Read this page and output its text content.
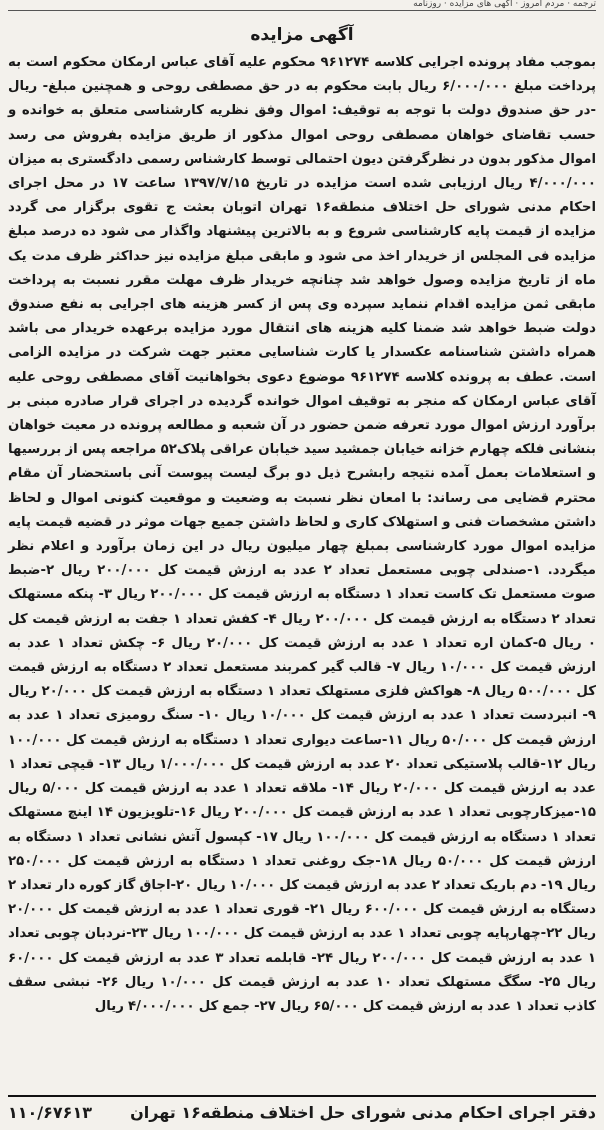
ترجمه · مردم امروز · آگهی های مزایده · روزنامه
آگهی مزایده
بموجب مفاد پرونده اجرایی کلاسه ۹۶۱۲۷۴ محکوم علیه آقای عباس ارمکان محکوم است به پرداخت مبلغ ۶/۰۰۰/۰۰۰ ریال بابت محکوم به در حق مصطفی روحی و همچنین مبلغ- ریال -در حق صندوق دولت با توجه به توقیف: اموال وفق نظریه کارشناسی متعلق به خوانده و حسب تقاضای خواهان مصطفی روحی اموال مذکور از طریق مزایده بفروش می رسد اموال مذکور بدون در نظرگرفتن دیون احتمالی توسط کارشناس رسمی دادگستری به میزان ۴/۰۰۰/۰۰۰ ریال ارزیابی شده است مزایده در تاریخ ۱۳۹۷/۷/۱۵ ساعت ۱۷ در محل اجرای احکام مدنی شورای حل اختلاف منطقه۱۶ تهران اتوبان بعثت ج تقوی برگزار می گردد مزایده از قیمت پایه کارشناسی شروع و به بالاترین پیشنهاد واگذار می شود ده درصد مبلغ مزایده فی المجلس از خریدار اخذ می شود و مابقی مبلغ مزایده نیز حداکثر ظرف مدت یک ماه از تاریخ مزایده وصول خواهد شد چنانچه خریدار ظرف مهلت مقرر نسبت به پرداخت مابقی ثمن مزایده اقدام ننماید سپرده وی پس از کسر هزینه های اجرایی به نفع صندوق دولت ضبط خواهد شد ضمنا کلیه هزینه های انتقال مورد مزایده برعهده خریدار می باشد همراه داشتن شناسنامه عکسدار یا کارت شناسایی معتبر جهت شرکت در مزایده الزامی است. عطف به پرونده کلاسه ۹۶۱۲۷۴ موضوع دعوی بخواهانیت آقای مصطفی روحی علیه آقای عباس ارمکان که منجر به توقیف اموال خوانده گردیده در اجرای قرار صادره مبنی بر برآورد ارزش اموال مورد تعرفه ضمن حضور در آن شعبه و مطالعه پرونده در معیت خواهان بنشانی فلکه چهارم خزانه خیابان جمشید سید خیابان عراقی پلاک۵۲ مراجعه پس از بررسیها و استعلامات بعمل آمده نتیجه رابشرح ذیل دو برگ لیست پیوست آنی باستحضار آن مقام محترم قضایی می رساند: با امعان نظر نسبت به وضعیت و موقعیت کنونی اموال و لحاظ داشتن مشخصات فنی و استهلاک کاری و لحاظ داشتن جمیع جهات موثر در قضیه قیمت پایه مزایده اموال مورد کارشناسی بمبلغ چهار میلیون ریال در این زمان برآورد و اعلام نظر میگردد. ۱-صندلی چوبی مستعمل تعداد ۲ عدد به ارزش قیمت کل ۲۰۰/۰۰۰ ریال ۲-ضبط صوت مستعمل تک کاست تعداد ۱ دستگاه به ارزش قیمت کل ۲۰۰/۰۰۰ ریال ۳- پنکه مستهلک تعداد ۲ دستگاه به ارزش قیمت کل ۲۰۰/۰۰۰ ریال ۴- کفش تعداد ۱ جفت به ارزش قیمت کل ۰ ریال ۵-کمان اره تعداد ۱ عدد به ارزش قیمت کل ۲۰/۰۰۰ ریال ۶- چکش تعداد ۱ عدد به ارزش قیمت کل ۱۰/۰۰۰ ریال ۷- قالب گیر کمربند مستعمل تعداد ۲ دستگاه به ارزش قیمت کل ۵۰۰/۰۰۰ ریال ۸- هواکش فلزی مستهلک تعداد ۱ دستگاه به ارزش قیمت کل ۲۰/۰۰۰ ریال ۹- انبردست تعداد ۱ عدد به ارزش قیمت کل ۱۰/۰۰۰ ریال ۱۰- سنگ رومیزی تعداد ۱ عدد به ارزش قیمت کل ۵۰/۰۰۰ ریال ۱۱-ساعت دیواری تعداد ۱ دستگاه به ارزش قیمت کل ۱۰۰/۰۰۰ ریال ۱۲-قالب پلاستیکی تعداد ۲۰ عدد به ارزش قیمت کل ۱/۰۰۰/۰۰۰ ریال ۱۳- قیچی تعداد ۱ عدد به ارزش قیمت کل ۲۰/۰۰۰ ریال ۱۴- ملاقه تعداد ۱ عدد به ارزش قیمت کل ۵/۰۰۰ ریال ۱۵-میزکارچوبی تعداد ۱ عدد به ارزش قیمت کل ۲۰۰/۰۰۰ ریال ۱۶-تلویزیون ۱۴ اینچ مستهلک تعداد ۱ دستگاه به ارزش قیمت کل ۱۰۰/۰۰۰ ریال ۱۷- کپسول آتش نشانی تعداد ۱ دستگاه به ارزش قیمت کل ۵۰/۰۰۰ ریال ۱۸-جک روغنی تعداد ۱ دستگاه به ارزش قیمت کل ۲۵۰/۰۰۰ ریال ۱۹- دم باریک تعداد ۲ عدد به ارزش قیمت کل ۱۰/۰۰۰ ریال ۲۰-اجاق گاز کوره دار تعداد ۲ دستگاه به ارزش قیمت کل ۶۰۰/۰۰۰ ریال ۲۱- قوری تعداد ۱ عدد به ارزش قیمت کل ۲۰/۰۰۰ ریال ۲۲-چهارپایه چوبی تعداد ۱ عدد به ارزش قیمت کل ۱۰۰/۰۰۰ ریال ۲۳-نردبان چوبی تعداد ۱ عدد به ارزش قیمت کل ۲۰۰/۰۰۰ ریال ۲۴- قابلمه تعداد ۳ عدد به ارزش قیمت کل ۶۰/۰۰۰ ریال ۲۵- سگگ مستهلک تعداد ۱۰ عدد به ارزش قیمت کل ۱۰/۰۰۰ ریال ۲۶- نبشی سقف کاذب تعداد ۱ عدد به ارزش قیمت کل ۶۵/۰۰۰ ریال ۲۷- جمع کل ۴/۰۰۰/۰۰۰ ریال
دفتر اجرای احکام مدنی شورای حل اختلاف منطقه۱۶ تهران
۱۱۰/۶۷۶۱۳
